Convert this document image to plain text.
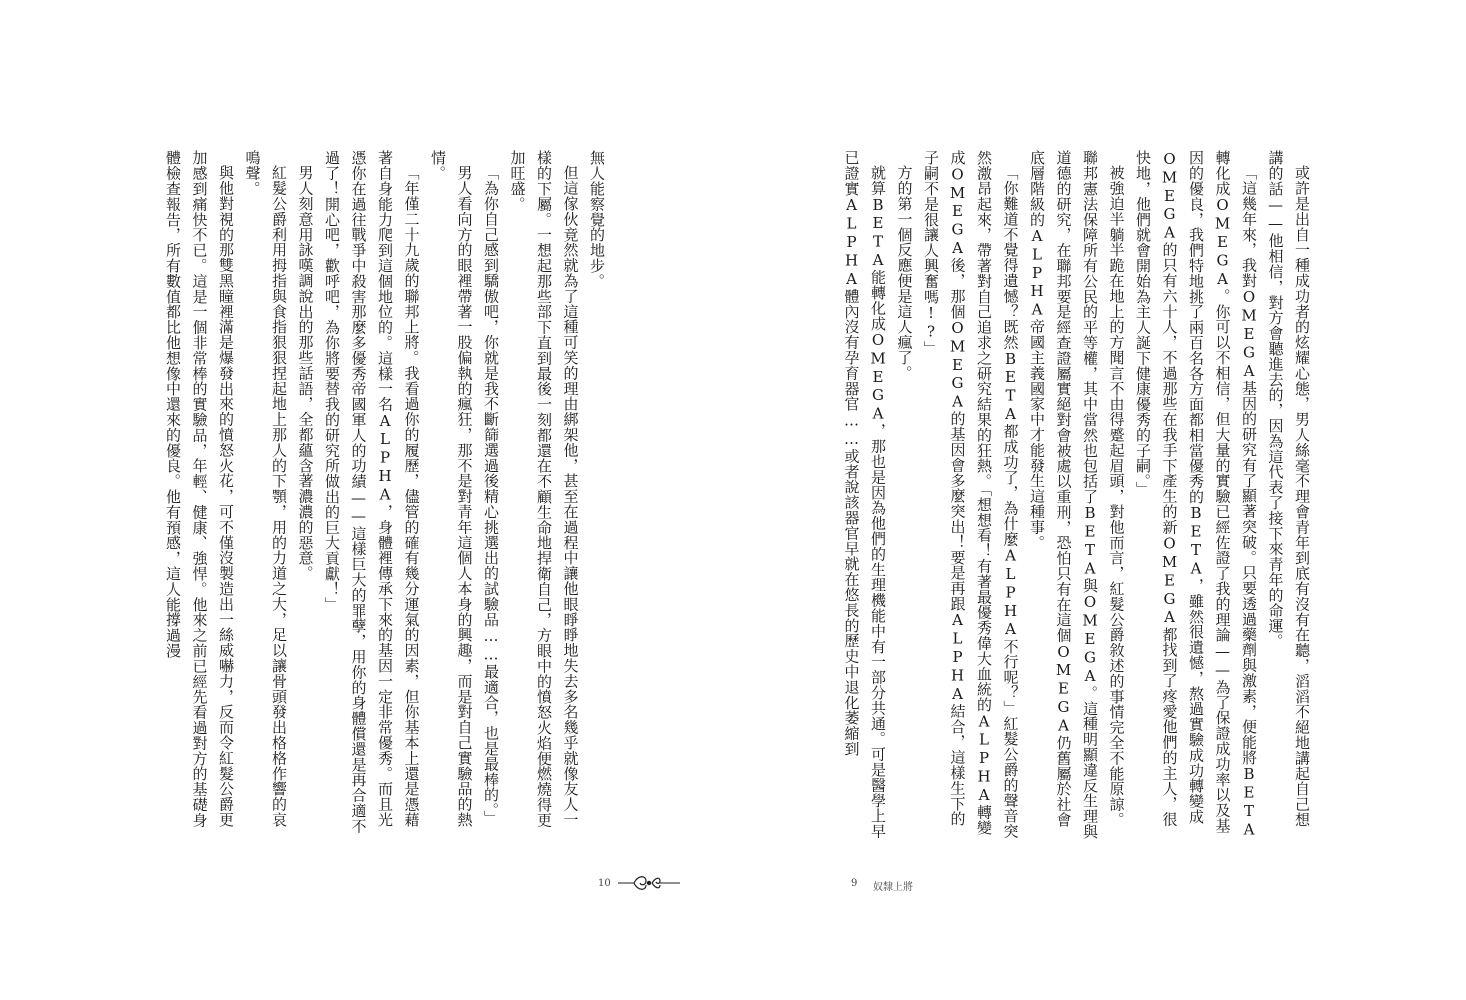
無人能察覺的地步。

但這傢伙竟然就為了這種可笑的理由綁架他，甚至在過程中讓他眼睜睜地失去多名幾乎就像友人一樣的下屬。一想起那些部下直到最後一刻都還在不顧生命地捍衛自己，方眼中的憤怒火焰便燃燒得更加旺盛。

「為你自己感到驕傲吧，你就是我不斷篩選過後精心挑選出的試驗品……最適合，也是最棒的。」

男人看向方的眼裡帶著一股偏執的瘋狂，那不是對青年這個人本身的興趣，而是對自己實驗品的熱情。

「年僅二十九歲的聯邦上將。我看過你的履歷，儘管的確有幾分運氣的因素，但你基本上還是憑藉著自身能力爬到這個地位的。這樣一名ALPHA，身體裡傳承下來的基因一定非常優秀。而且光憑你在過往戰爭中殺害那麼多優秀帝國軍人的功績——這樣巨大的罪孽，用你的身體償還是再合適不過了！開心吧，歡呼吧，為你將要替我的研究所做出的巨大貢獻！」

男人刻意用詠嘆調說出的那些話語，全都蘊含著濃濃的惡意。

紅髮公爵利用拇指與食指狠狠捏起地上那人的下顎，用的力道之大，足以讓骨頭發出格格作響的哀鳴聲。

與他對視的那雙黑瞳裡滿是爆發出來的憤怒火花，可不僅沒製造出一絲威嚇力，反而令紅髮公爵更加感到痛快不已。這是一個非常棒的實驗品，年輕、健康、強悍。他來之前已經先看過對方的基礎身體檢查報告，所有數值都比他想像中還來的優良。他有預感，這人能撐過漫

10

或許是出自一種成功者的炫耀心態，男人絲毫不理會青年到底有沒有在聽，滔滔不絕地講起自己想講的話——他相信，對方會聽進去的，因為這代表了接下來青年的命運。

「這幾年來，我對OMEGA基因的研究有了顯著突破。只要透過藥劑與激素，便能將BETA轉化成OMEGA。你可以不相信，但大量的實驗已經佐證了我的理論——為了保證成功率以及基因的優良，我們特地挑了兩百名各方面都相當優秀的BETA，雖然很遺憾，熬過實驗成功轉變成OMEGA的只有六十人，不過那些在我手下產生的新OMEGA都找到了疼愛他們的主人，很快地，他們就會開始為主人誕下健康優秀的子嗣。」

被強迫半躺半跪在地上的方聞言不由得蹙起眉頭，對他而言，紅髮公爵敘述的事情完全不能原諒。聯邦憲法保障所有公民的平等權，其中當然也包括了BETA與OMEGA。這種明顯違反生理與道德的研究，在聯邦要是經查證屬實絕對會被處以重刑，恐怕只有在這個OMEGA仍舊屬於社會底層階級的ALPHA帝國主義國家中才能發生這種事。

「你難道不覺得遺憾？既然BETA都成功了，為什麼ALPHA不行呢？」紅髮公爵的聲音突然激昂起來，帶著對自己追求之研究結果的狂熱。「想想看！有著最優秀偉大血統的ALPHA轉變成OMEGA後，那個OMEGA的基因會多麼突出！要是再跟ALPHA結合，這樣生下的子嗣不是很讓人興奮嗎!?」

方的第一個反應便是這人瘋了。

就算BETA能轉化成OMEGA，那也是因為他們的生理機能中有一部分共通。可是醫學上早已證實ALPHA體內沒有孕育器官……或者說該器官早就在悠長的歷史中退化萎縮到

9 奴隸上將
